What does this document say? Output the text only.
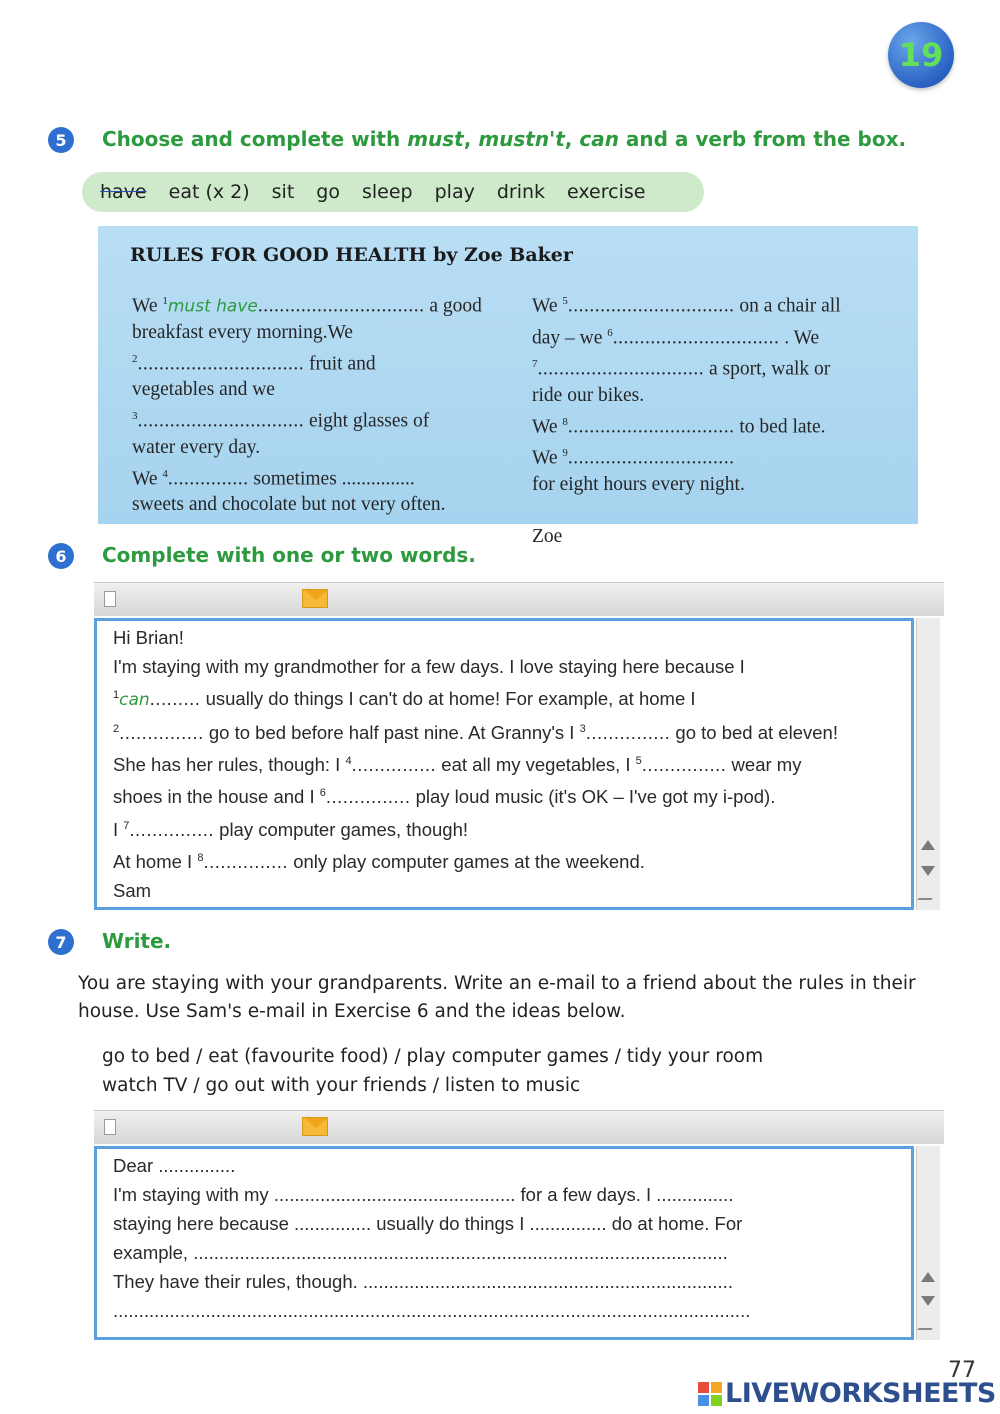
19
5	Choose and complete with must, mustn't, can and a verb from the box.
have eat (x 2) sit go sleep play drink exercise
RULES FOR GOOD HEALTH by Zoe Baker
We $^1$must have............................... a good
breakfast every morning.We
$^2$............................... fruit and
vegetables and we
$^3$............................... eight glasses of
water every day.
We $^4$............... sometimes ...............
sweets and chocolate but not very often.
We $^5$............................... on a chair all
day – we $^6$............................... . We
$^7$............................... a sport, walk or
ride our bikes.
We $^8$............................... to bed late.
We $^9$...............................
for eight hours every night.

Zoe
6	Complete with one or two words.
Hi Brian!
I'm staying with my grandmother for a few days. I love staying here because I
$^1$can......... usually do things I can't do at home! For example, at home I
$^2$............... go to bed before half past nine. At Granny's I $^3$............... go to bed at eleven!
She has her rules, though: I $^4$............... eat all my vegetables, I $^5$............... wear my
shoes in the house and I $^6$............... play loud music (it's OK – I've got my i-pod).
I $^7$............... play computer games, though!
At home I $^8$............... only play computer games at the weekend.
Sam
7	Write.
You are staying with your grandparents. Write an e-mail to a friend about the rules in their house. Use Sam's e-mail in Exercise 6 and the ideas below.
go to bed / eat (favourite food) / play computer games / tidy your room
watch TV / go out with your friends / listen to music
Dear ...............
I'm staying with my ............................................... for a few days. I ...............
staying here because ............... usually do things I ............... do at home. For
example, ........................................................................................................
They have their rules, though. ........................................................................
............................................................................................................................
77
LIVEWORKSHEETS
